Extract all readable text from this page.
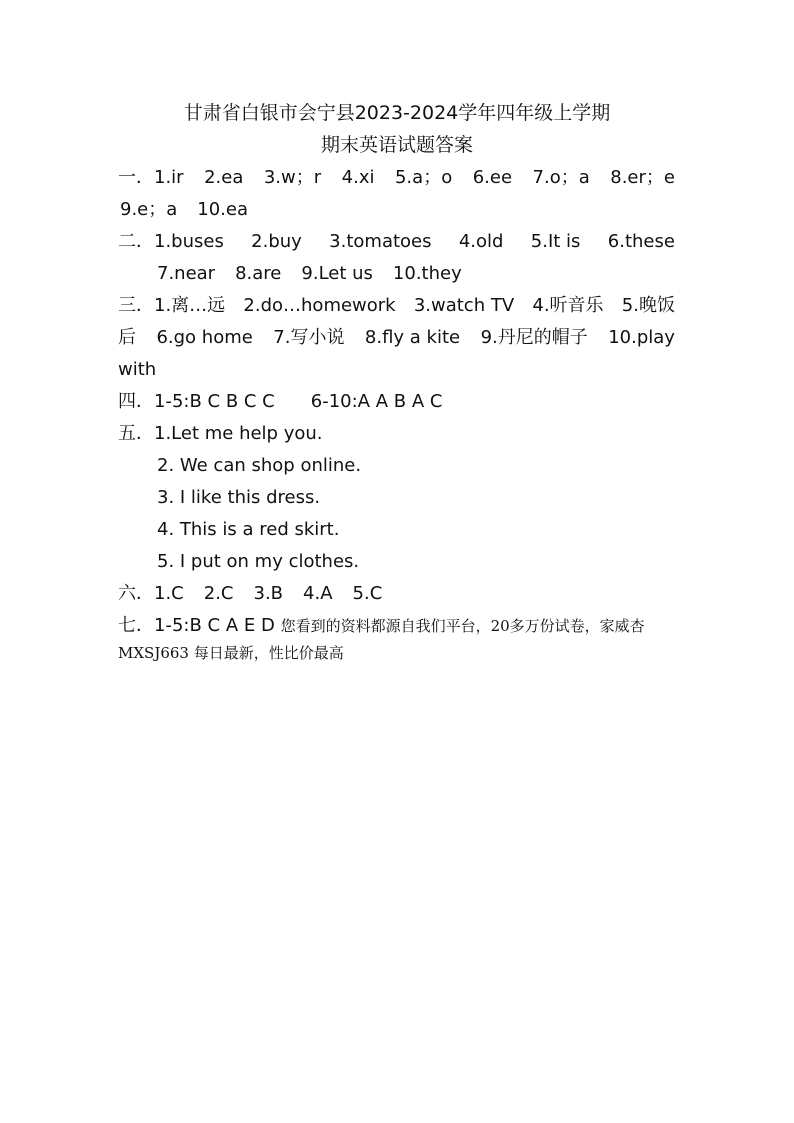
甘肃省白银市会宁县2023-2024学年四年级上学期
期末英语试题答案
一．1.ir 2.ea 3.w；r 4.xi 5.a；o 6.ee 7.o；a 8.er；e
9.e；a 10.ea
二．1.buses 2.buy 3.tomatoes 4.old 5.It is 6.these
7.near 8.are 9.Let us 10.they
三．1.离…远 2.do…homework 3.watch TV 4.听音乐 5.晚饭
后 6.go home 7.写小说 8.fly a kite 9.丹尼的帽子 10.play
with
四．1-5:B C B C C 6-10:A A B A C
五．1.Let me help you.
2. We can shop online.
3. I like this dress.
4. This is a red skirt.
5. I put on my clothes.
六．1.C 2.C 3.B 4.A 5.C
七．1-5:B C A E D 您看到的资料都源自我们平台，20多万份试卷，家威杏
MXSJ663 每日最新，性比价最高
